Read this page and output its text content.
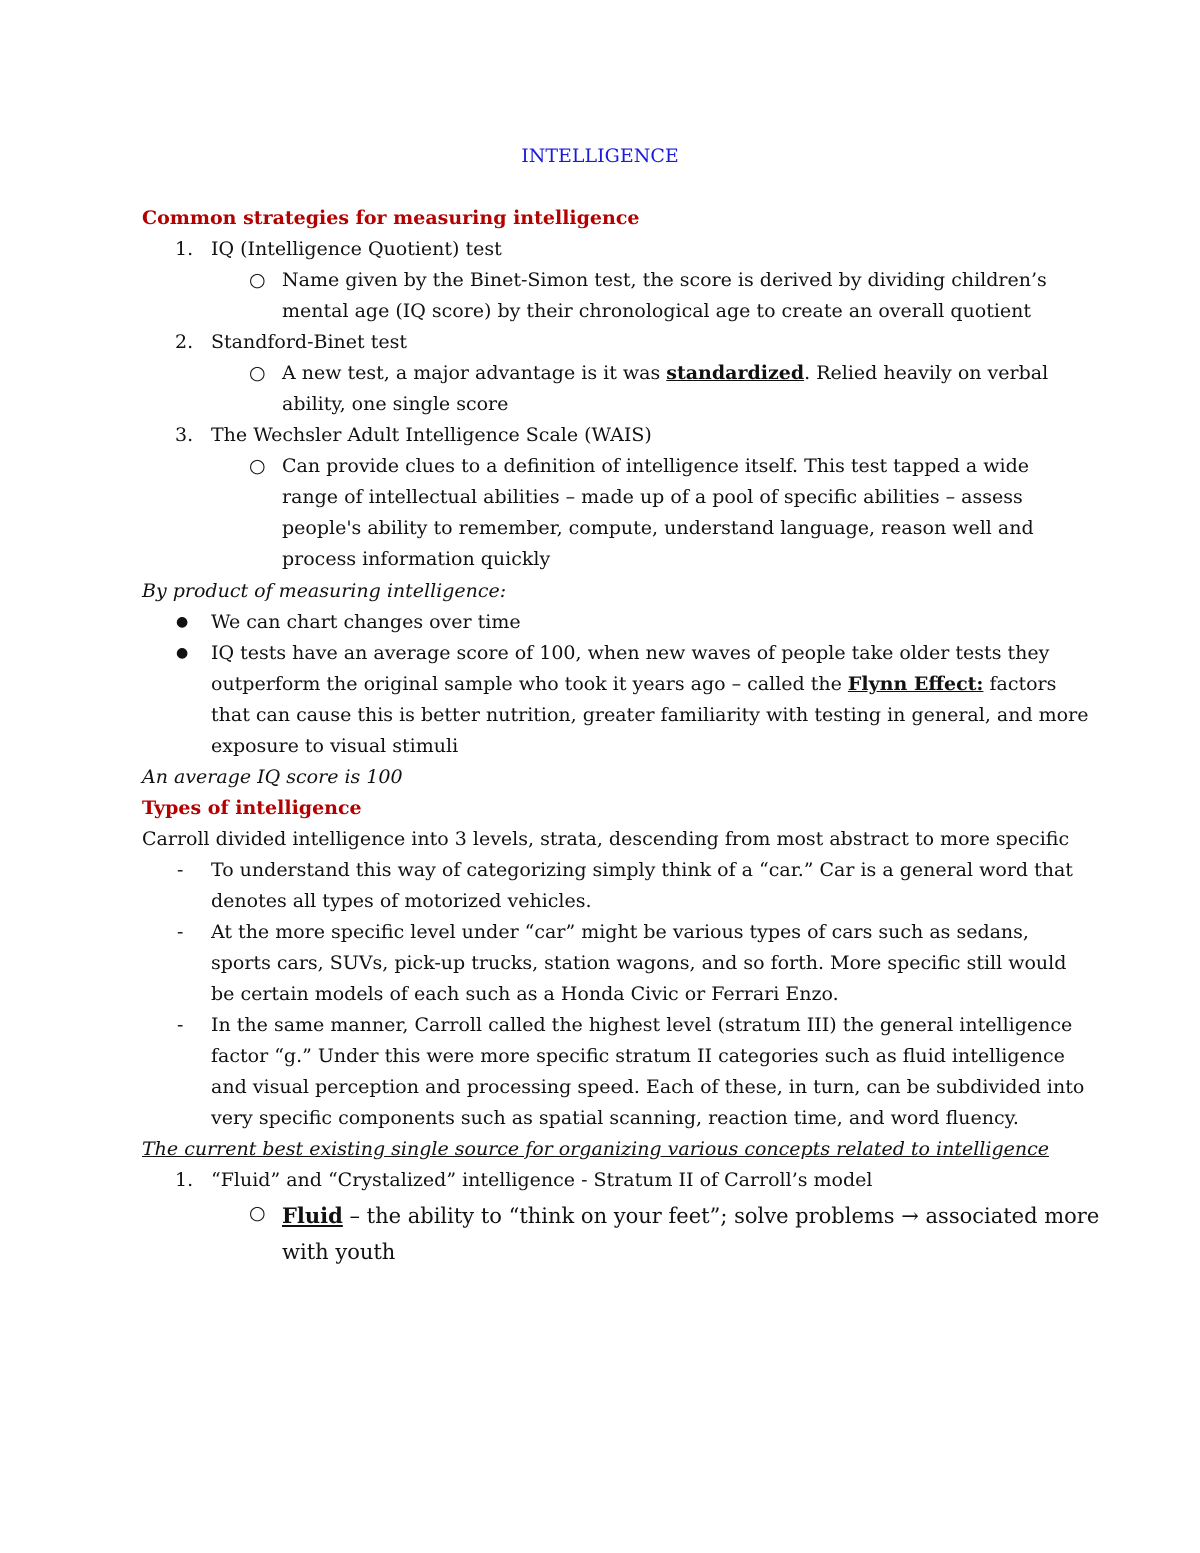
INTELLIGENCE
Common strategies for measuring intelligence
1. IQ (Intelligence Quotient) test
○ Name given by the Binet-Simon test, the score is derived by dividing children’s
mental age (IQ score) by their chronological age to create an overall quotient
2. Standford-Binet test
○ A new test, a major advantage is it was standardized. Relied heavily on verbal
ability, one single score
3. The Wechsler Adult Intelligence Scale (WAIS)
○ Can provide clues to a definition of intelligence itself. This test tapped a wide
range of intellectual abilities – made up of a pool of specific abilities – assess
people's ability to remember, compute, understand language, reason well and
process information quickly
By product of measuring intelligence:
● We can chart changes over time
● IQ tests have an average score of 100, when new waves of people take older tests they
outperform the original sample who took it years ago – called the Flynn Effect: factors
that can cause this is better nutrition, greater familiarity with testing in general, and more
exposure to visual stimuli
An average IQ score is 100
Types of intelligence
Carroll divided intelligence into 3 levels, strata, descending from most abstract to more specific
- To understand this way of categorizing simply think of a “car.” Car is a general word that
denotes all types of motorized vehicles.
- At the more specific level under “car” might be various types of cars such as sedans,
sports cars, SUVs, pick-up trucks, station wagons, and so forth. More specific still would
be certain models of each such as a Honda Civic or Ferrari Enzo.
- In the same manner, Carroll called the highest level (stratum III) the general intelligence
factor “g.” Under this were more specific stratum II categories such as fluid intelligence
and visual perception and processing speed. Each of these, in turn, can be subdivided into
very specific components such as spatial scanning, reaction time, and word fluency.
The current best existing single source for organizing various concepts related to intelligence
1. “Fluid” and “Crystalized” intelligence - Stratum II of Carroll’s model
○ Fluid – the ability to “think on your feet”; solve problems → associated more
with youth
